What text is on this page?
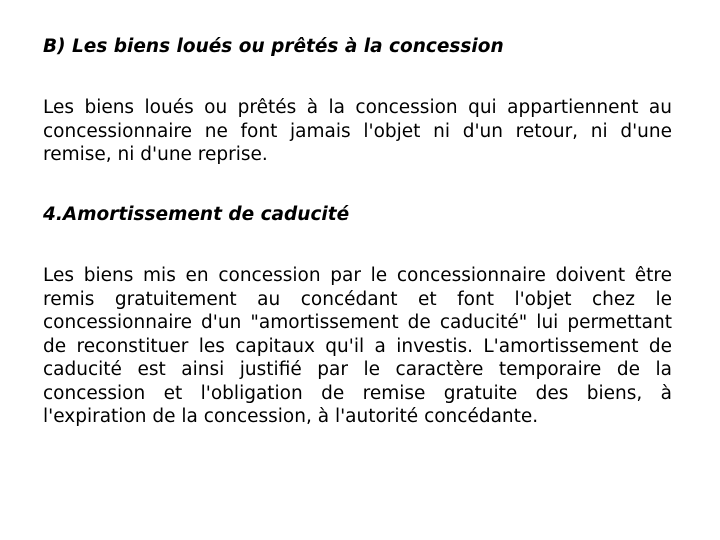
B) Les biens loués ou prêtés à la concession

Les biens loués ou prêtés à la concession qui appartiennent au concessionnaire ne font jamais l'objet ni d'un retour, ni d'une remise, ni d'une reprise.

4.Amortissement de caducité

Les biens mis en concession par le concessionnaire doivent être remis gratuitement au concédant et font l'objet chez le concessionnaire d'un "amortissement de caducité" lui permettant de reconstituer les capitaux qu'il a investis. L'amortissement de caducité est ainsi justifié par le caractère temporaire de la concession et l'obligation de remise gratuite des biens, à l'expiration de la concession, à l'autorité concédante.
